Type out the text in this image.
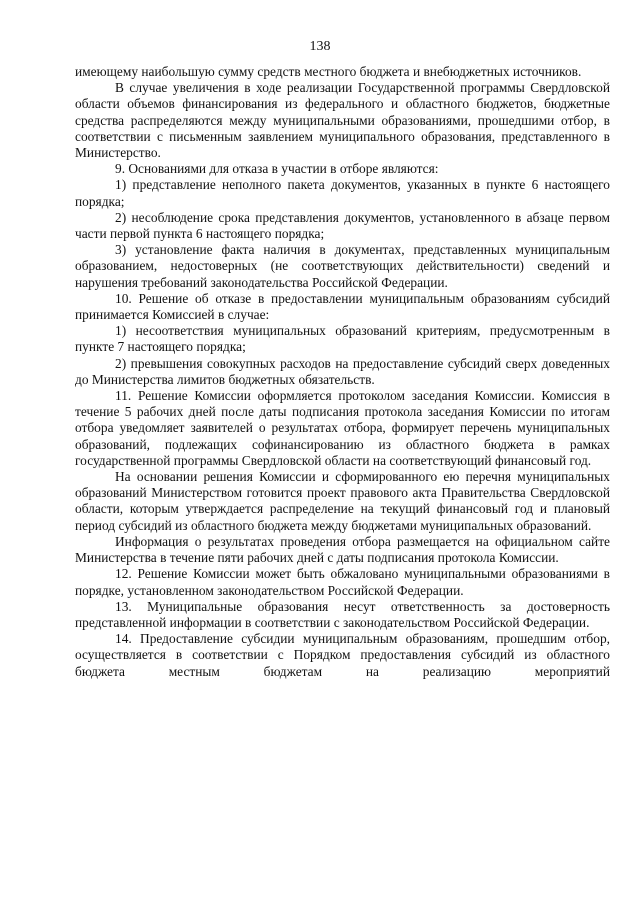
138

имеющему наибольшую сумму средств местного бюджета и внебюджетных источников.

В случае увеличения в ходе реализации Государственной программы Свердловской области объемов финансирования из федерального и областного бюджетов, бюджетные средства распределяются между муниципальными образованиями, прошедшими отбор, в соответствии с письменным заявлением муниципального образования, представленного в Министерство.

9. Основаниями для отказа в участии в отборе являются:

1) представление неполного пакета документов, указанных в пункте 6 настоящего порядка;

2) несоблюдение срока представления документов, установленного в абзаце первом части первой пункта 6 настоящего порядка;

3) установление факта наличия в документах, представленных муниципальным образованием, недостоверных (не соответствующих действительности) сведений и нарушения требований законодательства Российской Федерации.

10. Решение об отказе в предоставлении муниципальным образованиям субсидий принимается Комиссией в случае:

1) несоответствия муниципальных образований критериям, предусмотренным в пункте 7 настоящего порядка;

2) превышения совокупных расходов на предоставление субсидий сверх доведенных до Министерства лимитов бюджетных обязательств.

11. Решение Комиссии оформляется протоколом заседания Комиссии. Комиссия в течение 5 рабочих дней после даты подписания протокола заседания Комиссии по итогам отбора уведомляет заявителей о результатах отбора, формирует перечень муниципальных образований, подлежащих софинансированию из областного бюджета в рамках государственной программы Свердловской области на соответствующий финансовый год.

На основании решения Комиссии и сформированного ею перечня муниципальных образований Министерством готовится проект правового акта Правительства Свердловской области, которым утверждается распределение на текущий финансовый год и плановый период субсидий из областного бюджета между бюджетами муниципальных образований.

Информация о результатах проведения отбора размещается на официальном сайте Министерства в течение пяти рабочих дней с даты подписания протокола Комиссии.

12. Решение Комиссии может быть обжаловано муниципальными образованиями в порядке, установленном законодательством Российской Федерации.

13. Муниципальные образования несут ответственность за достоверность представленной информации в соответствии с законодательством Российской Федерации.

14. Предоставление субсидии муниципальным образованиям, прошедшим отбор, осуществляется в соответствии с Порядком предоставления субсидий из областного бюджета местным бюджетам на реализацию мероприятий
